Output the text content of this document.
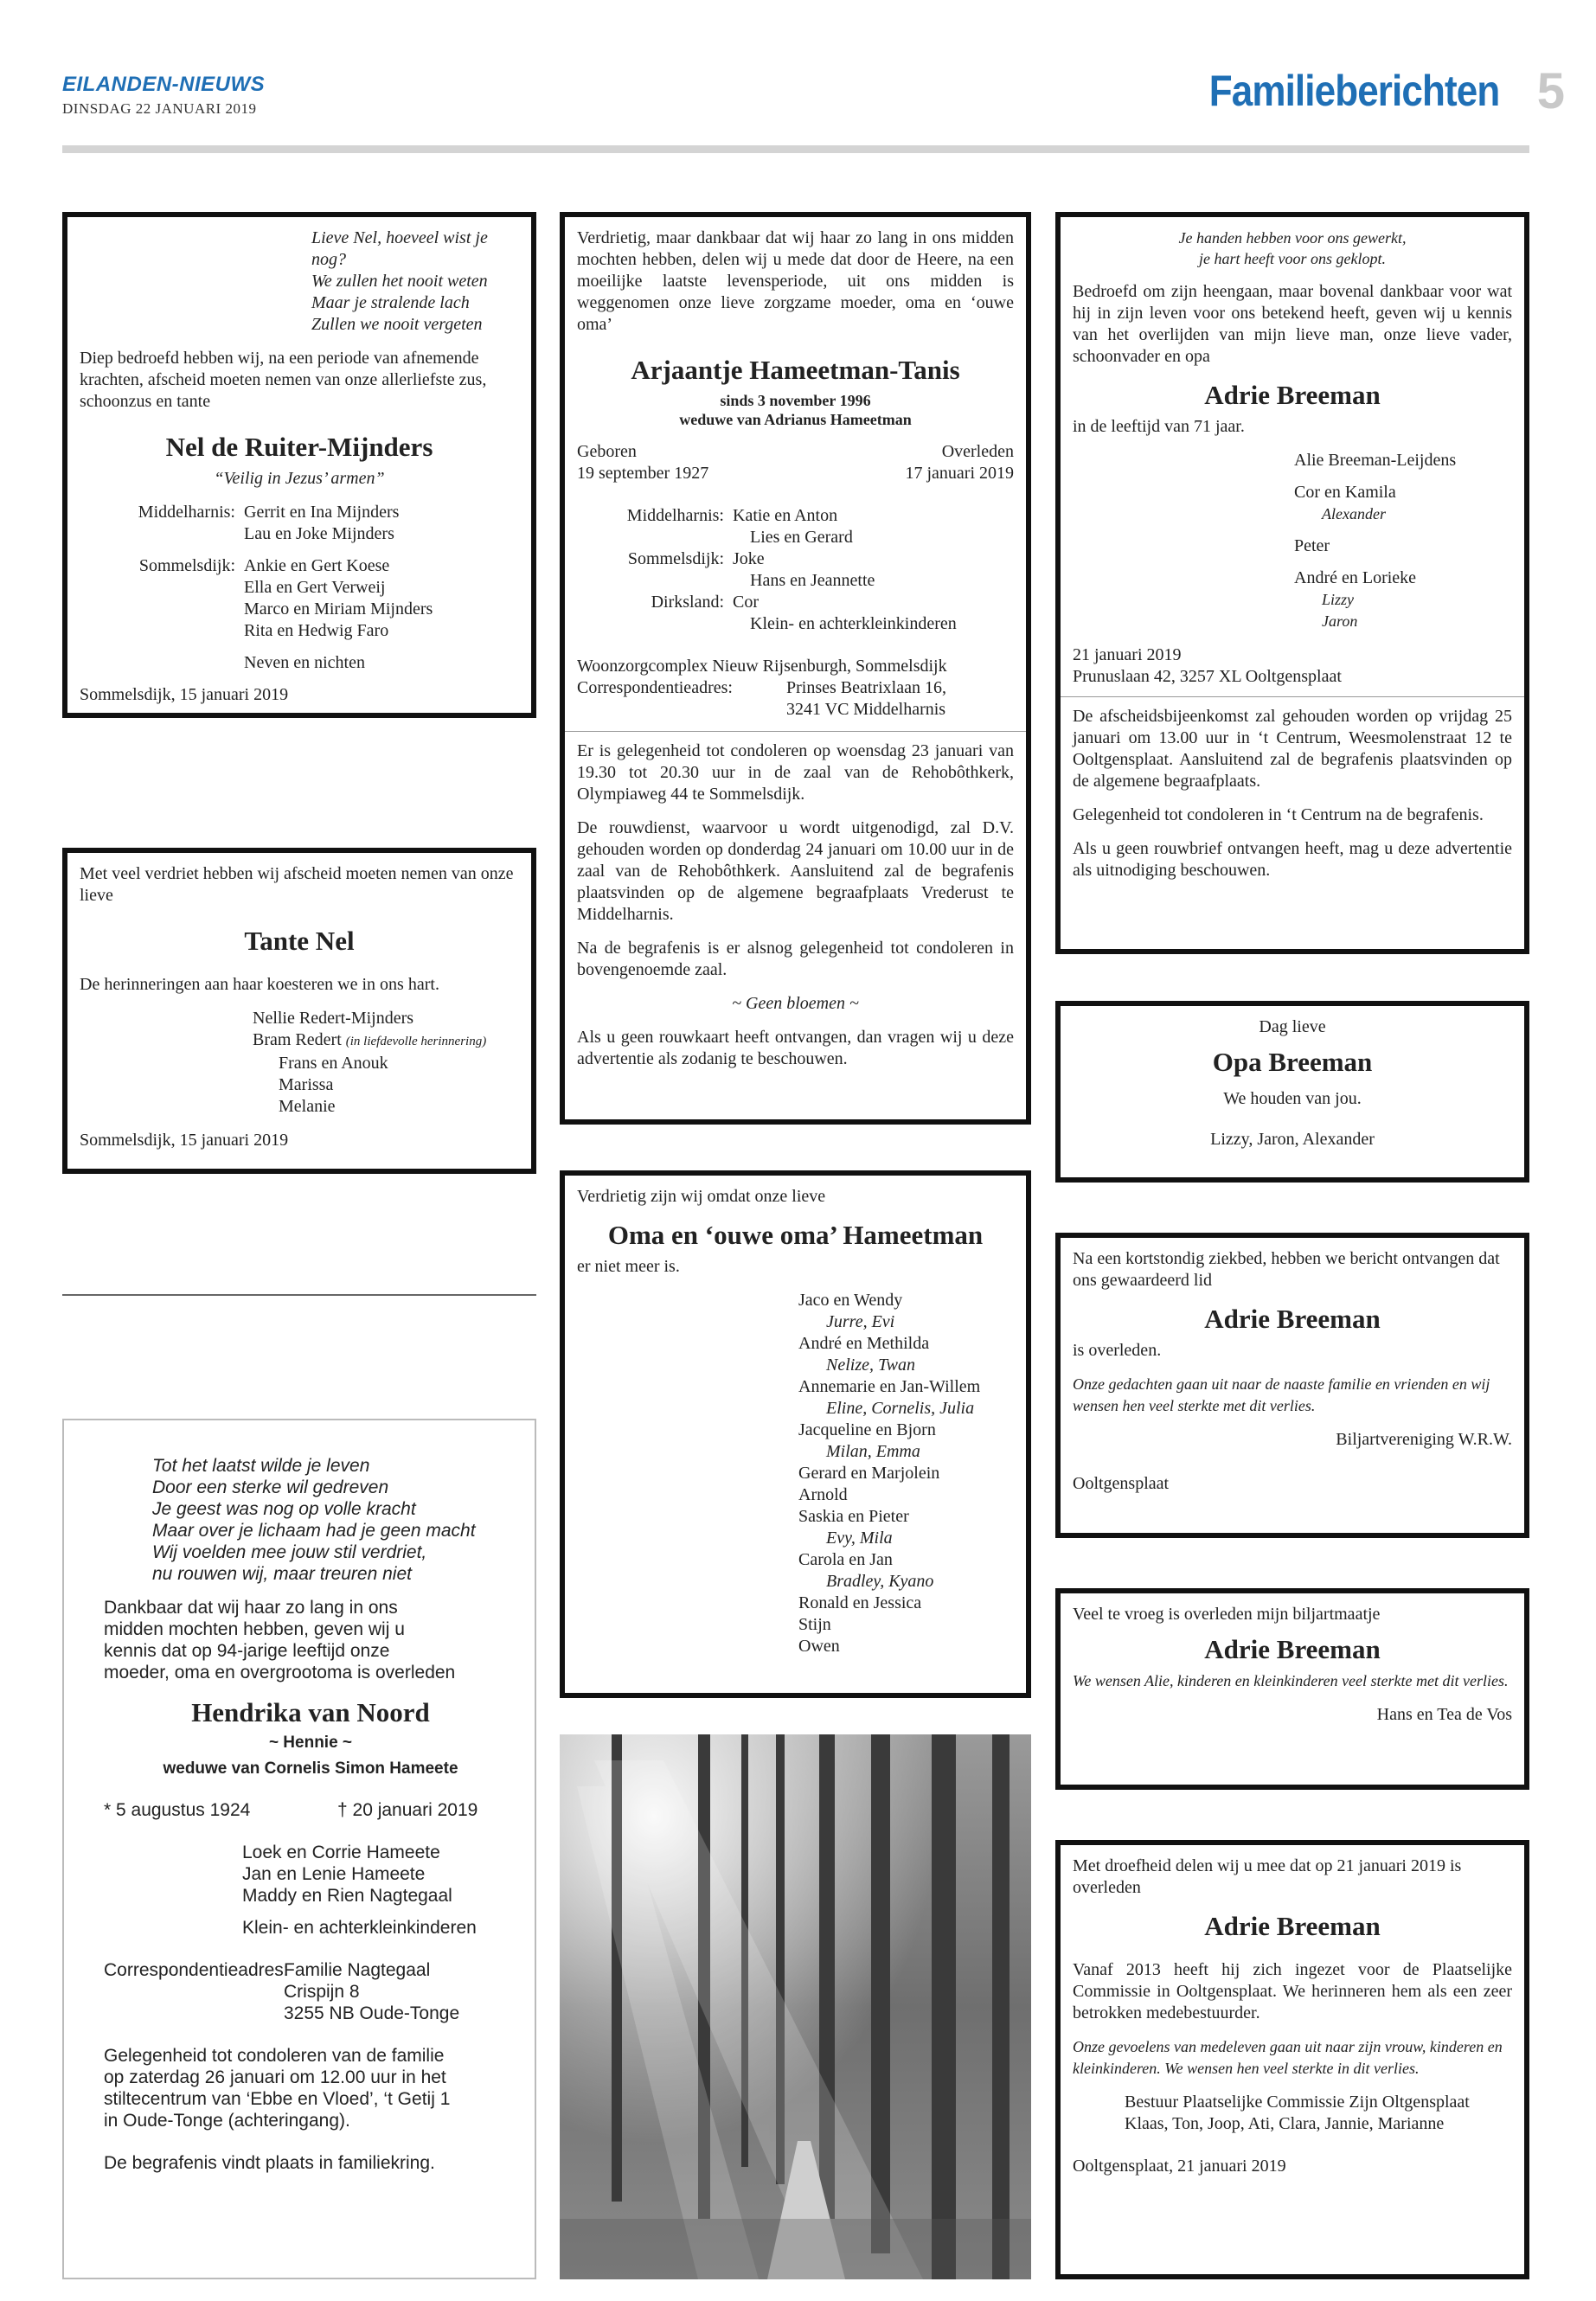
EILANDEN-NIEUWS
DINSDAG 22 JANUARI 2019	Familieberichten 5
Lieve Nel, hoeveel wist je nog?
We zullen het nooit weten
Maar je stralende lach
Zullen we nooit vergeten

Diep bedroefd hebben wij, na een periode van afnemende krachten, afscheid moeten nemen van onze allerliefste zus, schoonzus en tante

Nel de Ruiter-Mijnders
“Veilig in Jezus’ armen”
Middelharnis: Gerrit en Ina Mijnders
Lau en Joke Mijnders
Sommelsdijk: Ankie en Gert Koese
Ella en Gert Verweij
Marco en Miriam Mijnders
Rita en Hedwig Faro
Neven en nichten
Sommelsdijk, 15 januari 2019

Met veel verdriet hebben wij afscheid moeten nemen van onze lieve

Tante Nel

De herinneringen aan haar koesteren we in ons hart.

Nellie Redert-Mijnders
Bram Redert (in liefdevolle herinnering)
Frans en Anouk
Marissa
Melanie
Sommelsdijk, 15 januari 2019
Tot het laatst wilde je leven
Door een sterke wil gedreven
Je geest was nog op volle kracht
Maar over je lichaam had je geen macht
Wij voelden mee jouw stil verdriet,
nu rouwen wij, maar treuren niet
Dankbaar dat wij haar zo lang in ons
midden mochten hebben, geven wij u
kennis dat op 94-jarige leeftijd onze
moeder, oma en overgrootoma is overleden
Hendrika van Noord
~ Hennie ~
weduwe van Cornelis Simon Hameete
* 5 augustus 1924	† 20 januari 2019
Loek en Corrie Hameete
Jan en Lenie Hameete
Maddy en Rien Nagtegaal
Klein- en achterkleinkinderen
Correspondentieadres:
Familie Nagtegaal
Crispijn 8
3255 NB Oude-Tonge
Gelegenheid tot condoleren van de familie
op zaterdag 26 januari om 12.00 uur in het
stiltecentrum van ‘Ebbe en Vloed’, ‘t Getij 1
in Oude-Tonge (achteringang).
De begrafenis vindt plaats in familiekring.

Verdrietig, maar dankbaar dat wij haar zo lang in ons midden mochten hebben, delen wij u mede dat door de Heere, na een moeilijke laatste levensperiode, uit ons midden is weggenomen onze lieve zorgzame moeder, oma en ‘ouwe oma’

Arjaantje Hameetman-Tanis
sinds 3 november 1996
weduwe van Adrianus Hameetman
Geboren
19 september 1927
Overleden
17 januari 2019
Middelharnis: Katie en Anton
Lies en Gerard
Sommelsdijk: Joke
Hans en Jeannette
Dirksland: Cor
Klein- en achterkleinkinderen
Woonzorgcomplex Nieuw Rijsenburgh, Sommelsdijk
Correspondentieadres:	Prinses Beatrixlaan 16,
3241 VC Middelharnis

Er is gelegenheid tot condoleren op woensdag 23 januari van 19.30 tot 20.30 uur in de zaal van de Rehobôthkerk, Olympiaweg 44 te Sommelsdijk.

De rouwdienst, waarvoor u wordt uitgenodigd, zal D.V. gehouden worden op donderdag 24 januari om 10.00 uur in de zaal van de Rehobôthkerk. Aansluitend zal de begrafenis plaatsvinden op de algemene begraafplaats Vrederust te Middelharnis.

Na de begrafenis is er alsnog gelegenheid tot condoleren in bovengenoemde zaal.

~ Geen bloemen ~

Als u geen rouwkaart heeft ontvangen, dan vragen wij u deze advertentie als zodanig te beschouwen.

Verdrietig zijn wij omdat onze lieve

Oma en ‘ouwe oma’ Hameetman

er niet meer is.

Jaco en Wendy
Jurre, Evi
André en Methilda
Nelize, Twan
Annemarie en Jan-Willem
Eline, Cornelis, Julia
Jacqueline en Bjorn
Milan, Emma
Gerard en Marjolein
Arnold
Saskia en Pieter
Evy, Mila
Carola en Jan
Bradley, Kyano
Ronald en Jessica
Stijn
Owen
Je handen hebben voor ons gewerkt,
je hart heeft voor ons geklopt.

Bedroefd om zijn heengaan, maar bovenal dankbaar voor wat hij in zijn leven voor ons betekend heeft, geven wij u kennis van het overlijden van mijn lieve man, onze lieve vader, schoonvader en opa

Adrie Breeman

in de leeftijd van 71 jaar.

Alie Breeman-Leijdens
Cor en Kamila
Alexander
Peter
André en Lorieke
Lizzy
Jaron
21 januari 2019
Prunuslaan 42, 3257 XL Ooltgensplaat

De afscheidsbijeenkomst zal gehouden worden op vrijdag 25 januari om 13.00 uur in ‘t Centrum, Weesmolenstraat 12 te Ooltgensplaat. Aansluitend zal de begrafenis plaatsvinden op de algemene begraafplaats.

Gelegenheid tot condoleren in ‘t Centrum na de begrafenis.

Als u geen rouwbrief ontvangen heeft, mag u deze advertentie als uitnodiging beschouwen.

Dag lieve
Opa Breeman
We houden van jou.
Lizzy, Jaron, Alexander

Na een kortstondig ziekbed, hebben we bericht ontvangen dat ons gewaardeerd lid

Adrie Breeman

is overleden.

Onze gedachten gaan uit naar de naaste familie en vrienden en wij wensen hen veel sterkte met dit verlies.

Biljartvereniging W.R.W.
Ooltgensplaat

Veel te vroeg is overleden mijn biljartmaatje

Adrie Breeman

We wensen Alie, kinderen en kleinkinderen veel sterkte met dit verlies.

Hans en Tea de Vos

Met droefheid delen wij u mee dat op 21 januari 2019 is overleden

Adrie Breeman

Vanaf 2013 heeft hij zich ingezet voor de Plaatselijke Commissie in Ooltgensplaat. We herinneren hem als een zeer betrokken medebestuurder.

Onze gevoelens van medeleven gaan uit naar zijn vrouw, kinderen en kleinkinderen. We wensen hen veel sterkte in dit verlies.

Bestuur Plaatselijke Commissie Zijn Oltgensplaat
Klaas, Ton, Joop, Ati, Clara, Jannie, Marianne
Ooltgensplaat, 21 januari 2019
